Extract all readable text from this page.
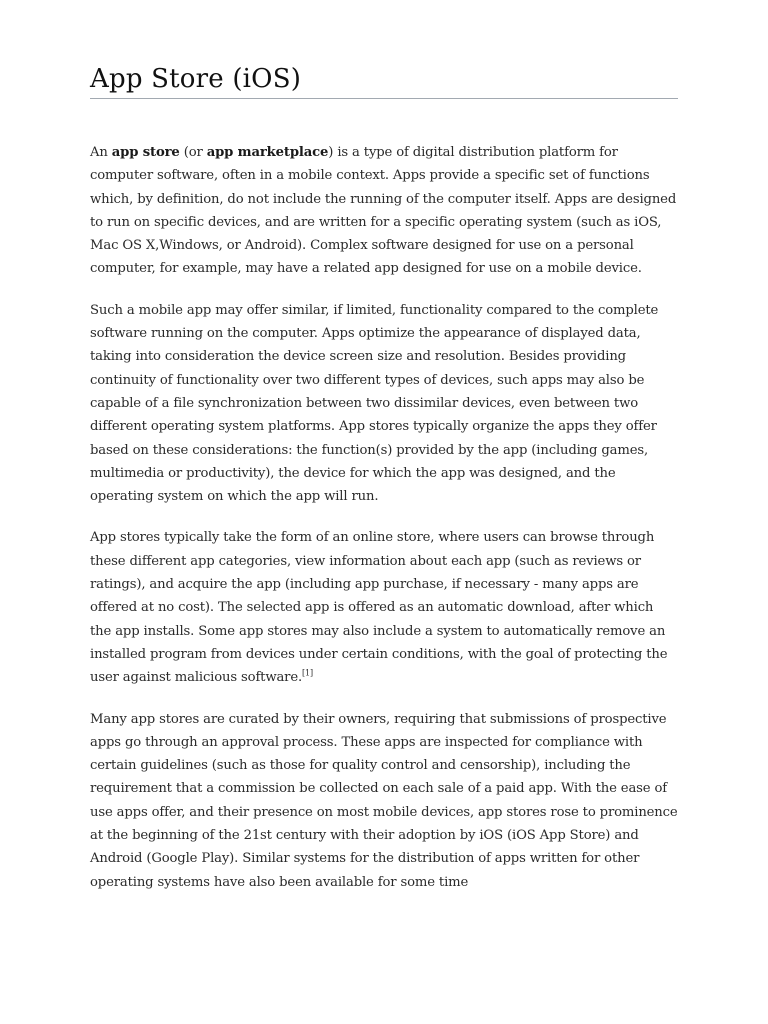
App Store (iOS)

An app store (or app marketplace) is a type of digital distribution platform for computer software, often in a mobile context. Apps provide a specific set of functions which, by definition, do not include the running of the computer itself. Apps are designed to run on specific devices, and are written for a specific operating system (such as iOS, Mac OS X,Windows, or Android). Complex software designed for use on a personal computer, for example, may have a related app designed for use on a mobile device.

Such a mobile app may offer similar, if limited, functionality compared to the complete software running on the computer. Apps optimize the appearance of displayed data, taking into consideration the device screen size and resolution. Besides providing continuity of functionality over two different types of devices, such apps may also be capable of a file synchronization between two dissimilar devices, even between two different operating system platforms. App stores typically organize the apps they offer based on these considerations: the function(s) provided by the app (including games, multimedia or productivity), the device for which the app was designed, and the operating system on which the app will run.

App stores typically take the form of an online store, where users can browse through these different app categories, view information about each app (such as reviews or ratings), and acquire the app (including app purchase, if necessary - many apps are offered at no cost). The selected app is offered as an automatic download, after which the app installs. Some app stores may also include a system to automatically remove an installed program from devices under certain conditions, with the goal of protecting the user against malicious software.[1]

Many app stores are curated by their owners, requiring that submissions of prospective apps go through an approval process. These apps are inspected for compliance with certain guidelines (such as those for quality control and censorship), including the requirement that a commission be collected on each sale of a paid app. With the ease of use apps offer, and their presence on most mobile devices, app stores rose to prominence at the beginning of the 21st century with their adoption by iOS (iOS App Store) and Android (Google Play). Similar systems for the distribution of apps written for other operating systems have also been available for some time
